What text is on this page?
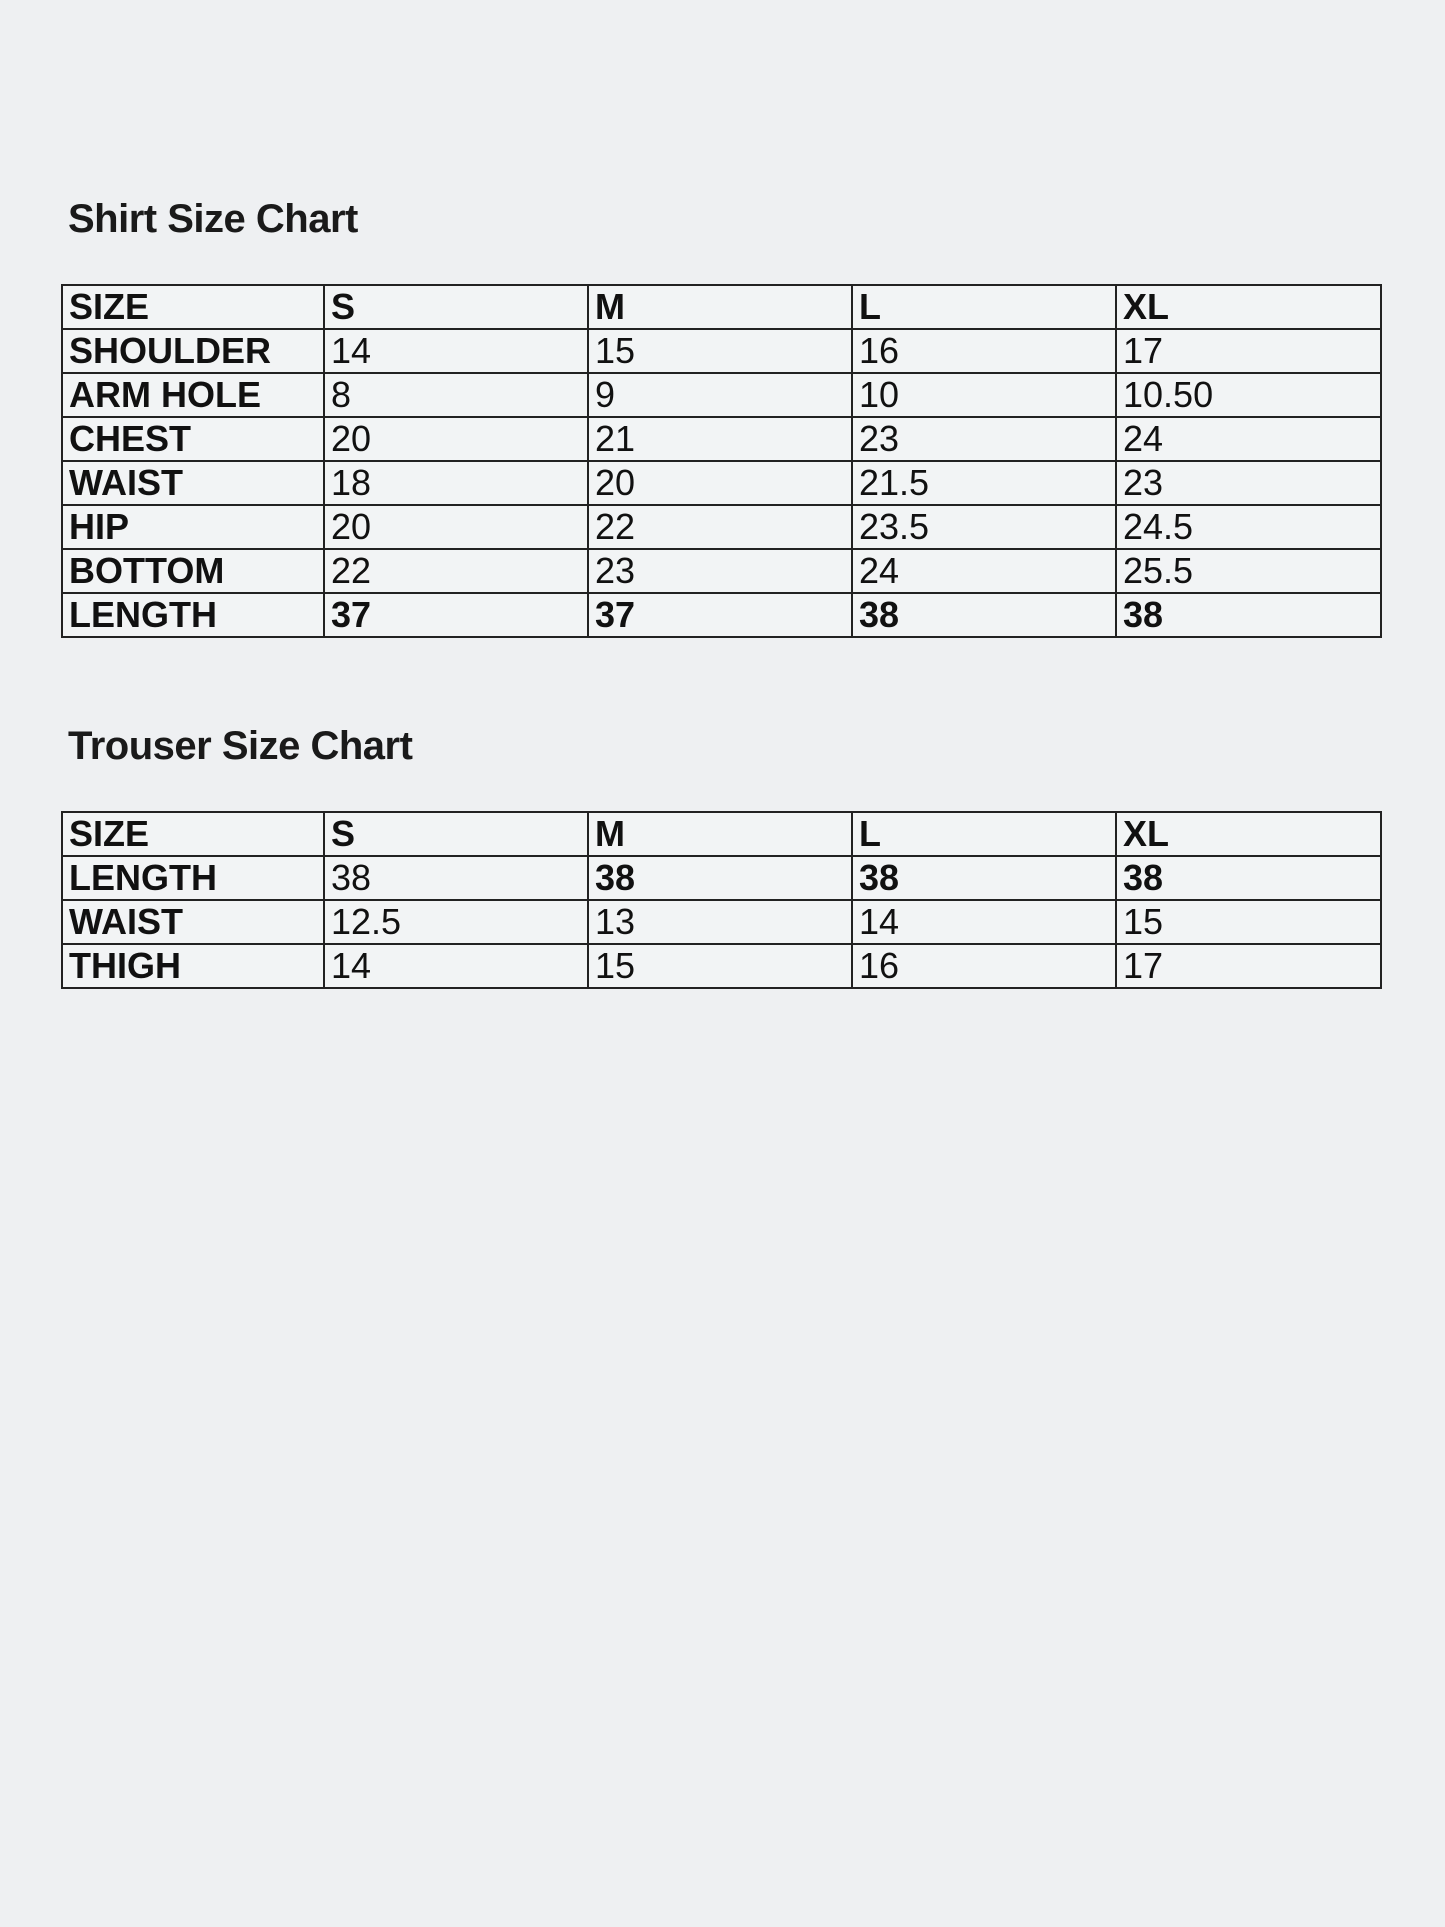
Shirt Size Chart
SIZE	S	M	L	XL
SHOULDER	14	15	16	17
ARM HOLE	8	9	10	10.50
CHEST	20	21	23	24
WAIST	18	20	21.5	23
HIP	20	22	23.5	24.5
BOTTOM	22	23	24	25.5
LENGTH	37	37	38	38
Trouser Size Chart
SIZE	S	M	L	XL
LENGTH	38	38	38	38
WAIST	12.5	13	14	15
THIGH	14	15	16	17
